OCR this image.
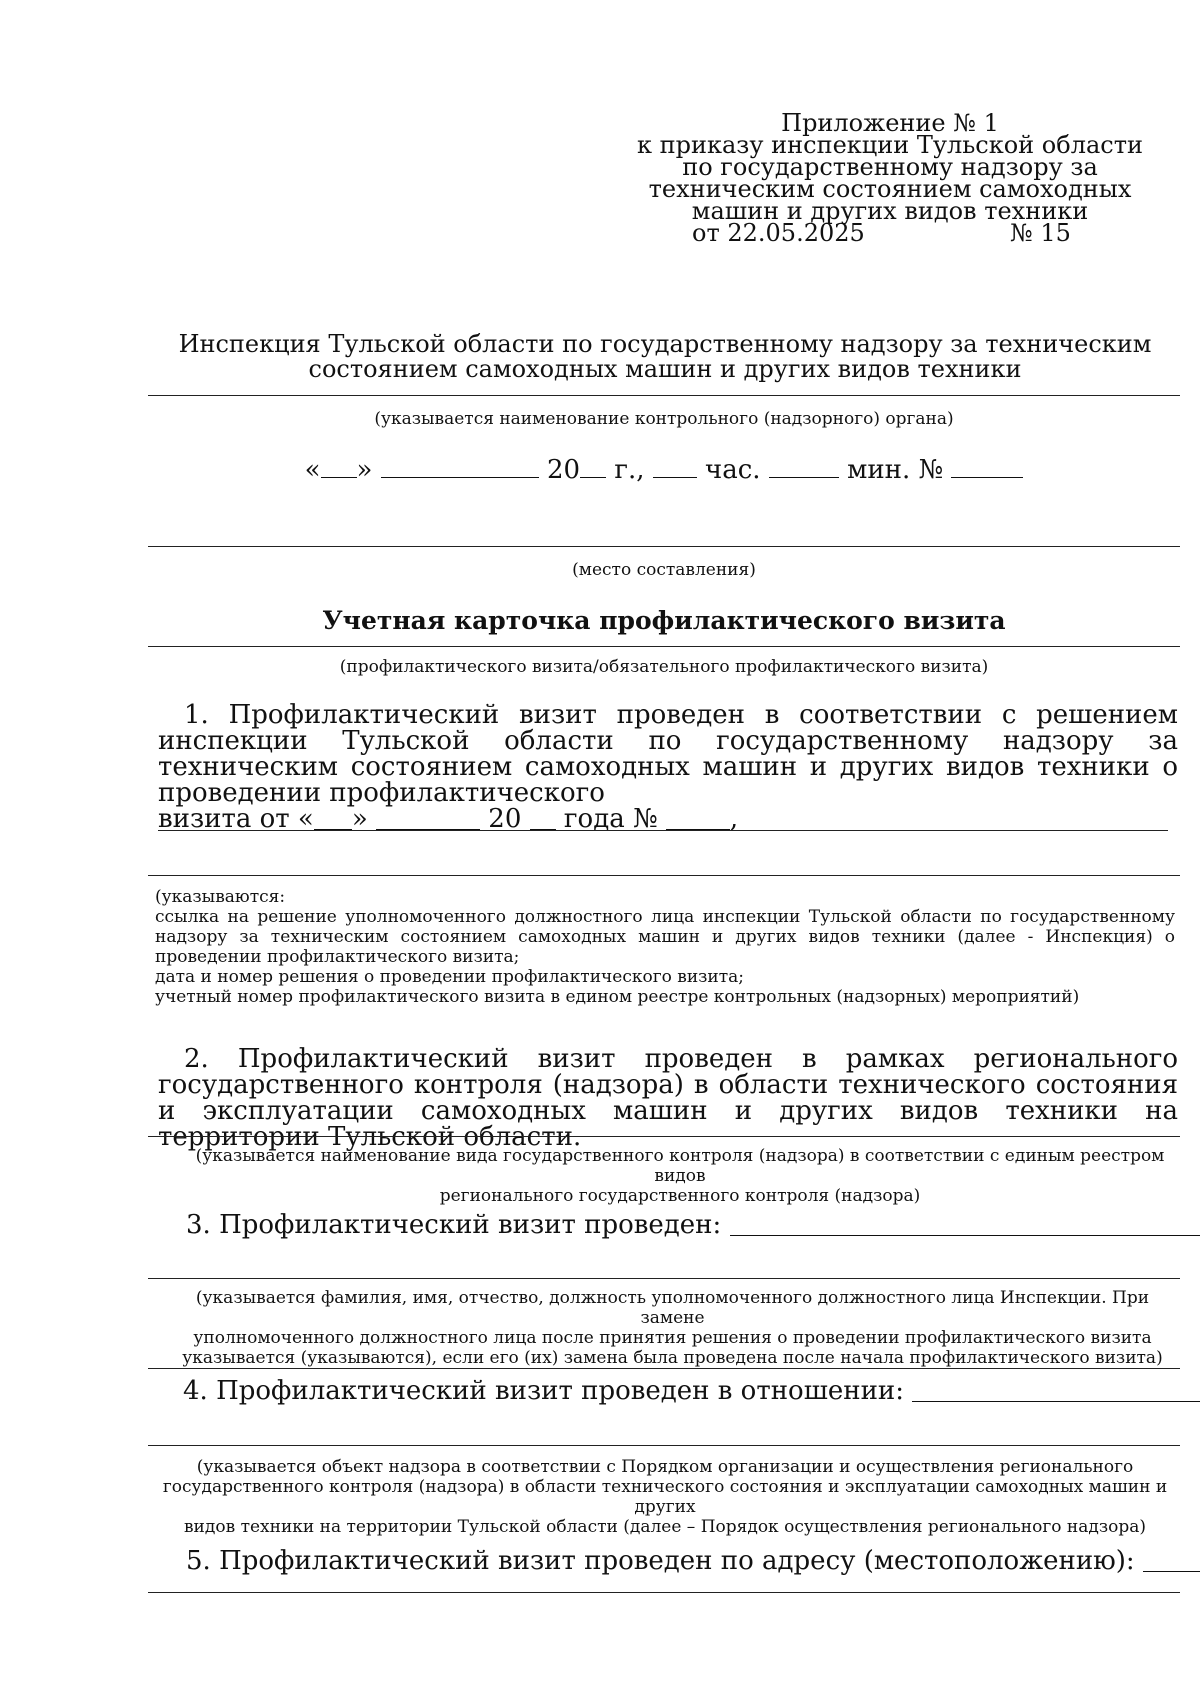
Приложение № 1
к приказу инспекции Тульской области
по государственному надзору за
техническим состоянием самоходных
машин и других видов техники
от 22.05.2025	№ 15
Инспекция Тульской области по государственному надзору за техническим
состоянием самоходных машин и других видов техники
(указывается наименование контрольного (надзорного) органа)
« »	20 г., час.	мин. №
(место составления)
Учетная карточка профилактического визита
(профилактического визита/обязательного профилактического визита)
1. Профилактический визит проведен в соответствии с решением инспекции Тульской области по государственному надзору за техническим состоянием самоходных машин и других видов техники о проведении профилактического
визита от « »	20 года №	,
(указываются:
ссылка на решение уполномоченного должностного лица инспекции Тульской области по государственному надзору за техническим состоянием самоходных машин и других видов техники (далее - Инспекция) о проведении профилактического визита;
дата и номер решения о проведении профилактического визита;
учетный номер профилактического визита в едином реестре контрольных (надзорных) мероприятий)
2. Профилактический визит проведен в рамках регионального государственного контроля (надзора) в области технического состояния и эксплуатации самоходных машин и других видов техники на территории Тульской области.
(указывается наименование вида государственного контроля (надзора) в соответствии с единым реестром видов
регионального государственного контроля (надзора)
3. Профилактический визит проведен:
(указывается фамилия, имя, отчество, должность уполномоченного должностного лица Инспекции. При замене
уполномоченного должностного лица после принятия решения о проведении профилактического визита
указывается (указываются), если его (их) замена была проведена после начала профилактического визита)
4. Профилактический визит проведен в отношении:
(указывается объект надзора в соответствии с Порядком организации и осуществления регионального
государственного контроля (надзора) в области технического состояния и эксплуатации самоходных машин и других
видов техники на территории Тульской области (далее – Порядок осуществления регионального надзора)
5. Профилактический визит проведен по адресу (местоположению):
